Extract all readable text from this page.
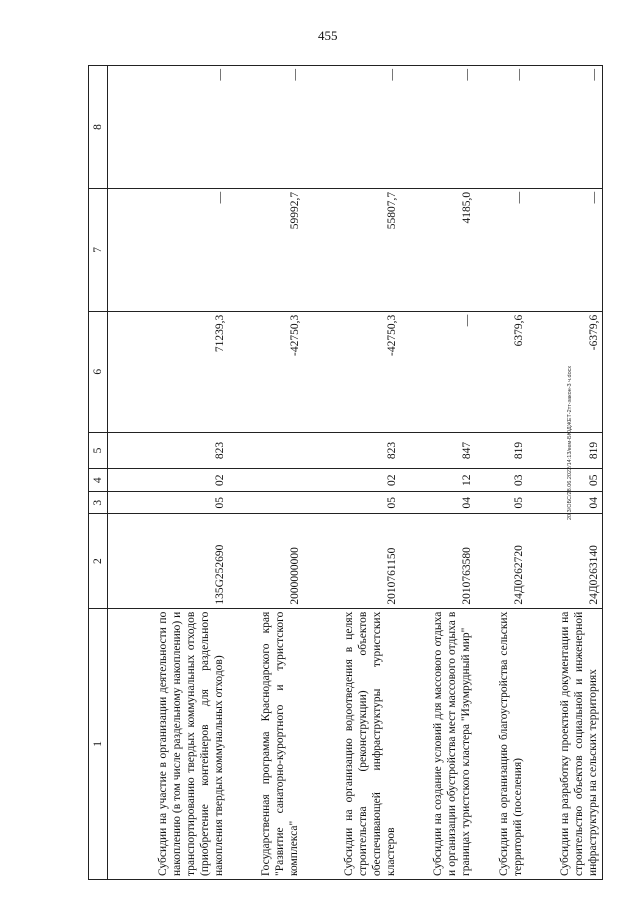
455
20.3/ОБС/28.06.2022/14:13/кем-БЮДЖЕТ-2тт-закон-3 ч.docx
1	2	3	4	5	6	7	8
Субсидии на участие в организации деятельности по накоплению (в том числе раздельному накоплению) и транспортированию твердых коммунальных отходов (приобретение контейнеров для раздельного накопления твердых коммунальных отходов)	135G252690	05	02	823	71239,3	—	—
Государственная программа Краснодарского края "Развитие санаторно-курортного и туристского комплекса"	2000000000				-42750,3	59992,7	—
Субсидии на организацию водоотведения в целях строительства (реконструкции) объектов обеспечивающей инфраструктуры туристских кластеров	2010761150	05	02	823	-42750,3	55807,7	—
Субсидии на создание условий для массового отдыха и организации обустройства мест массового отдыха в границах туристского кластера "Изумрудный мир"	2010763580	04	12	847	—	4185,0	—
Субсидии на организацию благоустройства сельских территорий (поселения)	24Д0262720	05	03	819	6379,6	—	—
Субсидии на разработку проектной документации на строительство объектов социальной и инженерной инфраструктуры на сельских территориях	24Д0263140	04	05	819	-6379,6	—	—
